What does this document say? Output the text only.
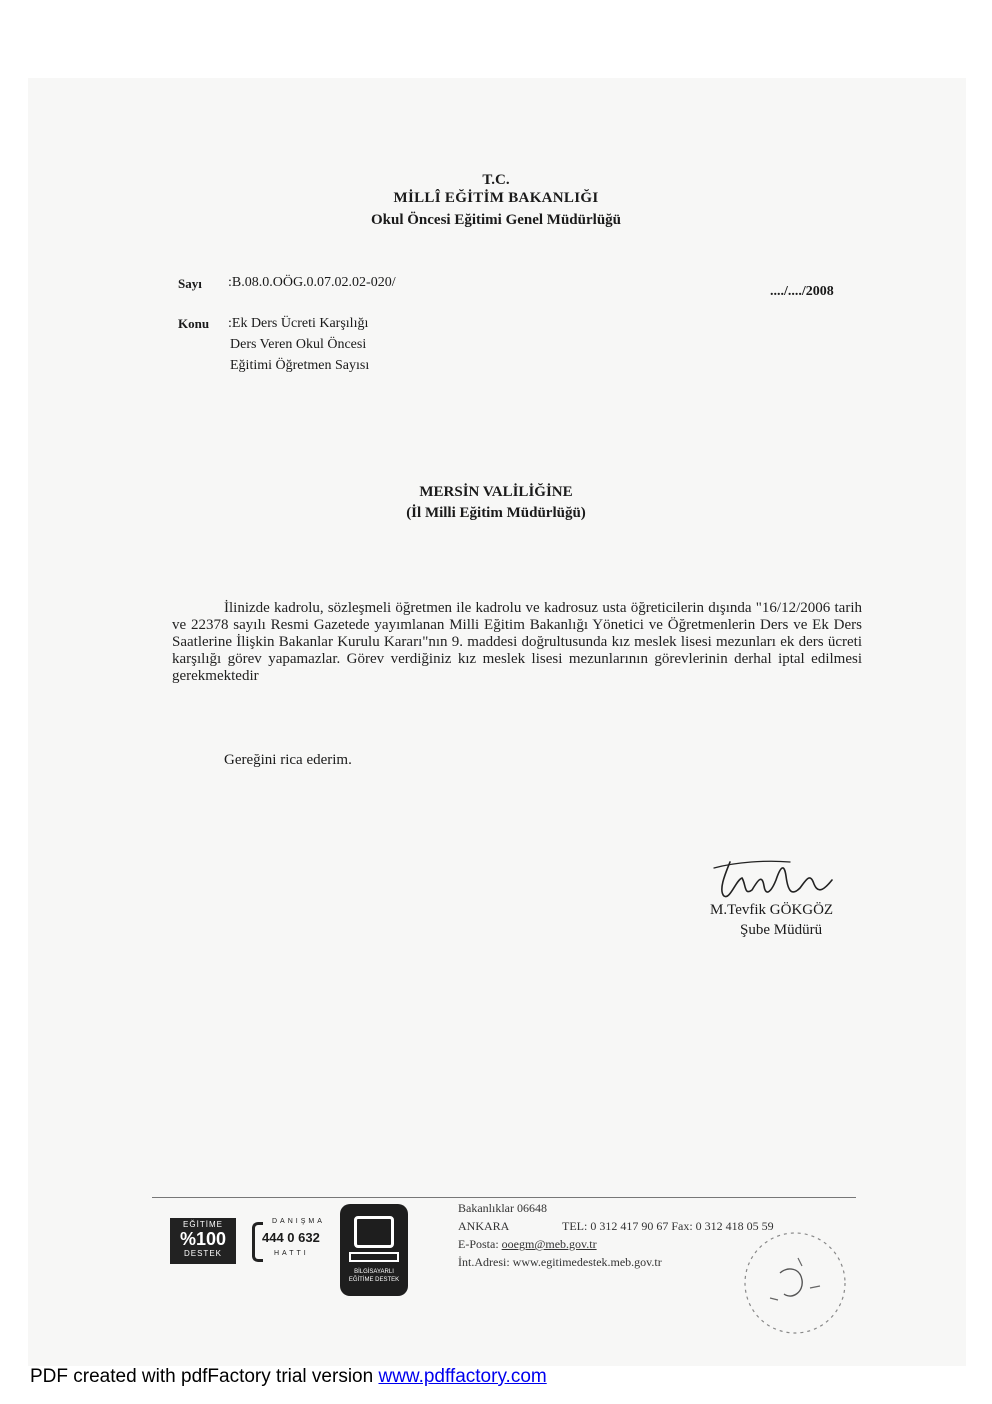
T.C.
MİLLÎ EĞİTİM BAKANLIĞI
Okul Öncesi Eğitimi Genel Müdürlüğü
Sayı :B.08.0.OÖG.0.07.02.02-020/
..../..../2008
Konu :Ek Ders Ücreti Karşılığı
Ders Veren Okul Öncesi
Eğitimi Öğretmen Sayısı
MERSİN VALİLİĞİNE
(İl Milli Eğitim Müdürlüğü)

İlinizde kadrolu, sözleşmeli öğretmen ile kadrolu ve kadrosuz usta öğreticilerin dışında "16/12/2006 tarih ve 22378 sayılı Resmi Gazetede yayımlanan Milli Eğitim Bakanlığı Yönetici ve Öğretmenlerin Ders ve Ek Ders Saatlerine İlişkin Bakanlar Kurulu Kararı"nın 9. maddesi doğrultusunda kız meslek lisesi mezunları ek ders ücreti karşılığı görev yapamazlar. Görev verdiğiniz kız meslek lisesi mezunlarının görevlerinin derhal iptal edilmesi gerekmektedir

Gereğini rica ederim.
M.Tevfik GÖKGÖZ
Şube Müdürü
EĞİTİME
%100
DESTEK
DANIŞMA
444 0 632
HATTI
BİLGİSAYARLI EĞİTİME DESTEK
Bakanlıklar 06648
ANKARA	TEL: 0 312 417 90 67 Fax: 0 312 418 05 59
E-Posta: ooegm@meb.gov.tr
İnt.Adresi: www.egitimedestek.meb.gov.tr
PDF created with pdfFactory trial version www.pdffactory.com
